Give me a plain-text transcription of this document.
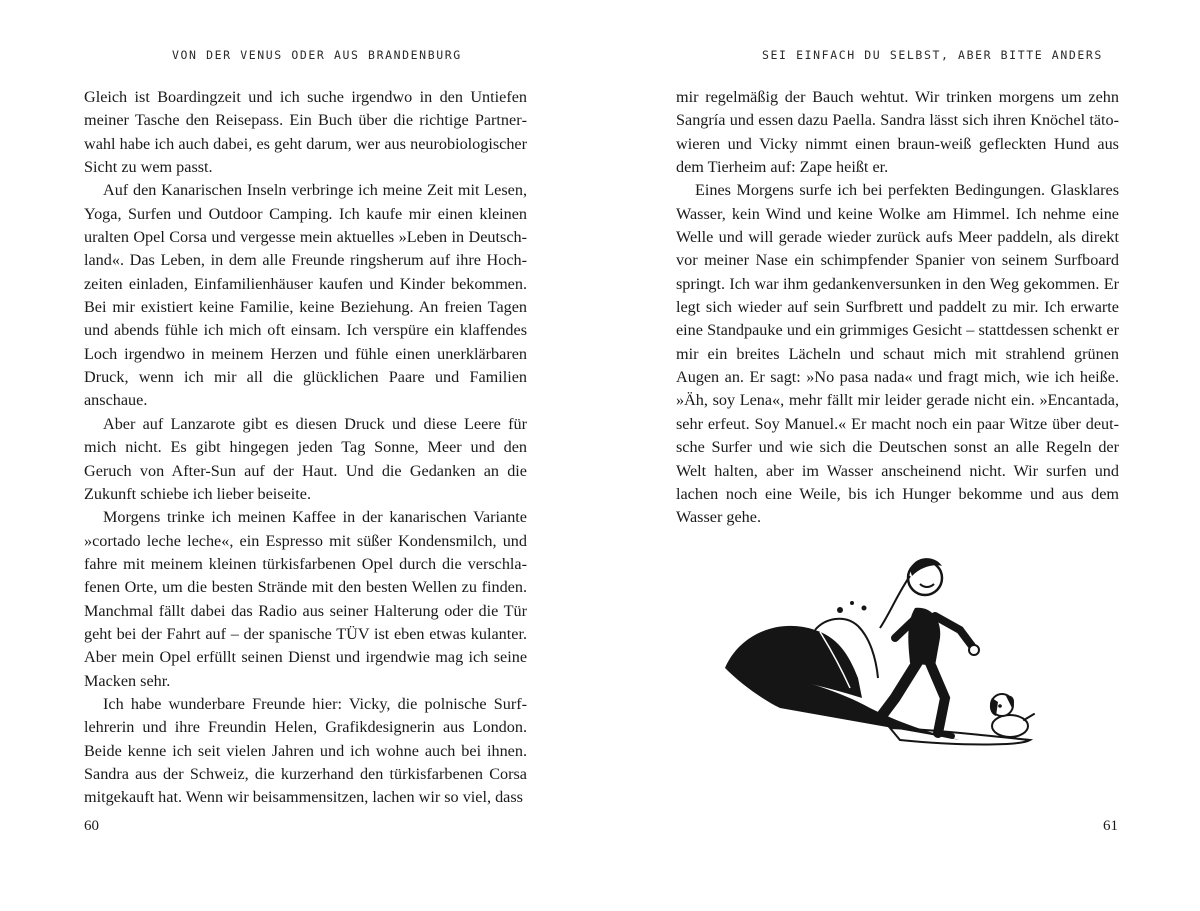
VON DER VENUS ODER AUS BRANDENBURG

Gleich ist Boardingzeit und ich suche irgendwo in den Untiefen meiner Tasche den Reisepass. Ein Buch über die richtige Partnerwahl habe ich auch dabei, es geht darum, wer aus neurobiologischer Sicht zu wem passt.

Auf den Kanarischen Inseln verbringe ich meine Zeit mit Lesen, Yoga, Surfen und Outdoor Camping. Ich kaufe mir einen kleinen uralten Opel Corsa und vergesse mein aktuelles »Leben in Deutschland«. Das Leben, in dem alle Freunde ringsherum auf ihre Hochzeiten einladen, Einfamilienhäuser kaufen und Kinder bekommen. Bei mir existiert keine Familie, keine Beziehung. An freien Tagen und abends fühle ich mich oft einsam. Ich verspüre ein klaffendes Loch irgendwo in meinem Herzen und fühle einen unerklärbaren Druck, wenn ich mir all die glücklichen Paare und Familien anschaue.

Aber auf Lanzarote gibt es diesen Druck und diese Leere für mich nicht. Es gibt hingegen jeden Tag Sonne, Meer und den Geruch von After-Sun auf der Haut. Und die Gedanken an die Zukunft schiebe ich lieber beiseite.

Morgens trinke ich meinen Kaffee in der kanarischen Variante »cortado leche leche«, ein Espresso mit süßer Kondensmilch, und fahre mit meinem kleinen türkisfarbenen Opel durch die verschlafenen Orte, um die besten Strände mit den besten Wellen zu finden. Manchmal fällt dabei das Radio aus seiner Halterung oder die Tür geht bei der Fahrt auf – der spanische TÜV ist eben etwas kulanter. Aber mein Opel erfüllt seinen Dienst und irgendwie mag ich seine Macken sehr.

Ich habe wunderbare Freunde hier: Vicky, die polnische Surflehrerin und ihre Freundin Helen, Grafikdesignerin aus London. Beide kenne ich seit vielen Jahren und ich wohne auch bei ihnen. Sandra aus der Schweiz, die kurzerhand den türkisfarbenen Corsa mitgekauft hat. Wenn wir beisammensitzen, lachen wir so viel, dass

60
SEI EINFACH DU SELBST, ABER BITTE ANDERS

mir regelmäßig der Bauch wehtut. Wir trinken morgens um zehn Sangría und essen dazu Paella. Sandra lässt sich ihren Knöchel tätowieren und Vicky nimmt einen braun-weiß gefleckten Hund aus dem Tierheim auf: Zape heißt er.

Eines Morgens surfe ich bei perfekten Bedingungen. Glasklares Wasser, kein Wind und keine Wolke am Himmel. Ich nehme eine Welle und will gerade wieder zurück aufs Meer paddeln, als direkt vor meiner Nase ein schimpfender Spanier von seinem Surfboard springt. Ich war ihm gedankenversunken in den Weg gekommen. Er legt sich wieder auf sein Surfbrett und paddelt zu mir. Ich erwarte eine Standpauke und ein grimmiges Gesicht – stattdessen schenkt er mir ein breites Lächeln und schaut mich mit strahlend grünen Augen an. Er sagt: »No pasa nada« und fragt mich, wie ich heiße. »Äh, soy Lena«, mehr fällt mir leider gerade nicht ein. »Encantada, sehr erfeut. Soy Manuel.« Er macht noch ein paar Witze über deutsche Surfer und wie sich die Deutschen sonst an alle Regeln der Welt halten, aber im Wasser anscheinend nicht. Wir surfen und lachen noch eine Weile, bis ich Hunger bekomme und aus dem Wasser gehe.

61
